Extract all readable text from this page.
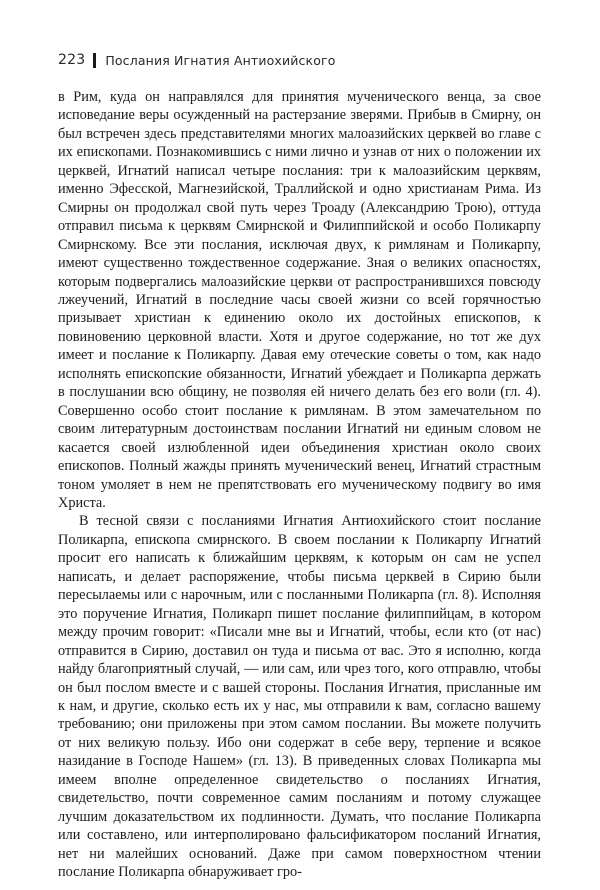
223 Послания Игнатия Антиохийского

в Рим, куда он направлялся для принятия мученического венца, за свое исповедание веры осужденный на растерзание зверями. Прибыв в Смирну, он был встречен здесь представителями многих малоазийских церквей во главе с их епископами. Познакомившись с ними лично и узнав от них о положении их церквей, Игнатий написал четыре послания: три к малоазийским церквям, именно Эфесской, Магнезийской, Траллийской и одно христианам Рима. Из Смирны он продолжал свой путь через Троаду (Александрию Трою), оттуда отправил письма к церквям Смирнской и Филиппийской и особо Поликарпу Смирнскому. Все эти послания, исключая двух, к римлянам и Поликарпу, имеют существенно тождественное содержание. Зная о великих опасностях, которым подвергались малоазийские церкви от распространившихся повсюду лжеучений, Игнатий в последние часы своей жизни со всей горячностью призывает христиан к единению около их достойных епископов, к повиновению церковной власти. Хотя и другое содержание, но тот же дух имеет и послание к Поликарпу. Давая ему отеческие советы о том, как надо исполнять епископские обязанности, Игнатий убеждает и Поликарпа держать в послушании всю общину, не позволяя ей ничего делать без его воли (гл. 4). Совершенно особо стоит послание к римлянам. В этом замечательном по своим литературным достоинствам послании Игнатий ни единым словом не касается своей излюбленной идеи объединения христиан около своих епископов. Полный жажды принять мученический венец, Игнатий страстным тоном умоляет в нем не препятствовать его мученическому подвигу во имя Христа.

В тесной связи с посланиями Игнатия Антиохийского стоит послание Поликарпа, епископа смирнского. В своем послании к Поликарпу Игнатий просит его написать к ближайшим церквям, к которым он сам не успел написать, и делает распоряжение, чтобы письма церквей в Сирию были пересылаемы или с нарочным, или с посланными Поликарпа (гл. 8). Исполняя это поручение Игнатия, Поликарп пишет послание филиппийцам, в котором между прочим говорит: «Писали мне вы и Игнатий, чтобы, если кто (от нас) отправится в Сирию, доставил он туда и письма от вас. Это я исполню, когда найду благоприятный случай, — или сам, или чрез того, кого отправлю, чтобы он был послом вместе и с вашей стороны. Послания Игнатия, присланные им к нам, и другие, сколько есть их у нас, мы отправили к вам, согласно вашему требованию; они приложены при этом самом послании. Вы можете получить от них великую пользу. Ибо они содержат в себе веру, терпение и всякое назидание в Господе Нашем» (гл. 13). В приведенных словах Поликарпа мы имеем вполне определенное свидетельство о посланиях Игнатия, свидетельство, почти современное самим посланиям и потому служащее лучшим доказательством их подлинности. Думать, что послание Поликарпа или составлено, или интерполировано фальсификатором посланий Игнатия, нет ни малейших оснований. Даже при самом поверхностном чтении послание Поликарпа обнаруживает гро-
